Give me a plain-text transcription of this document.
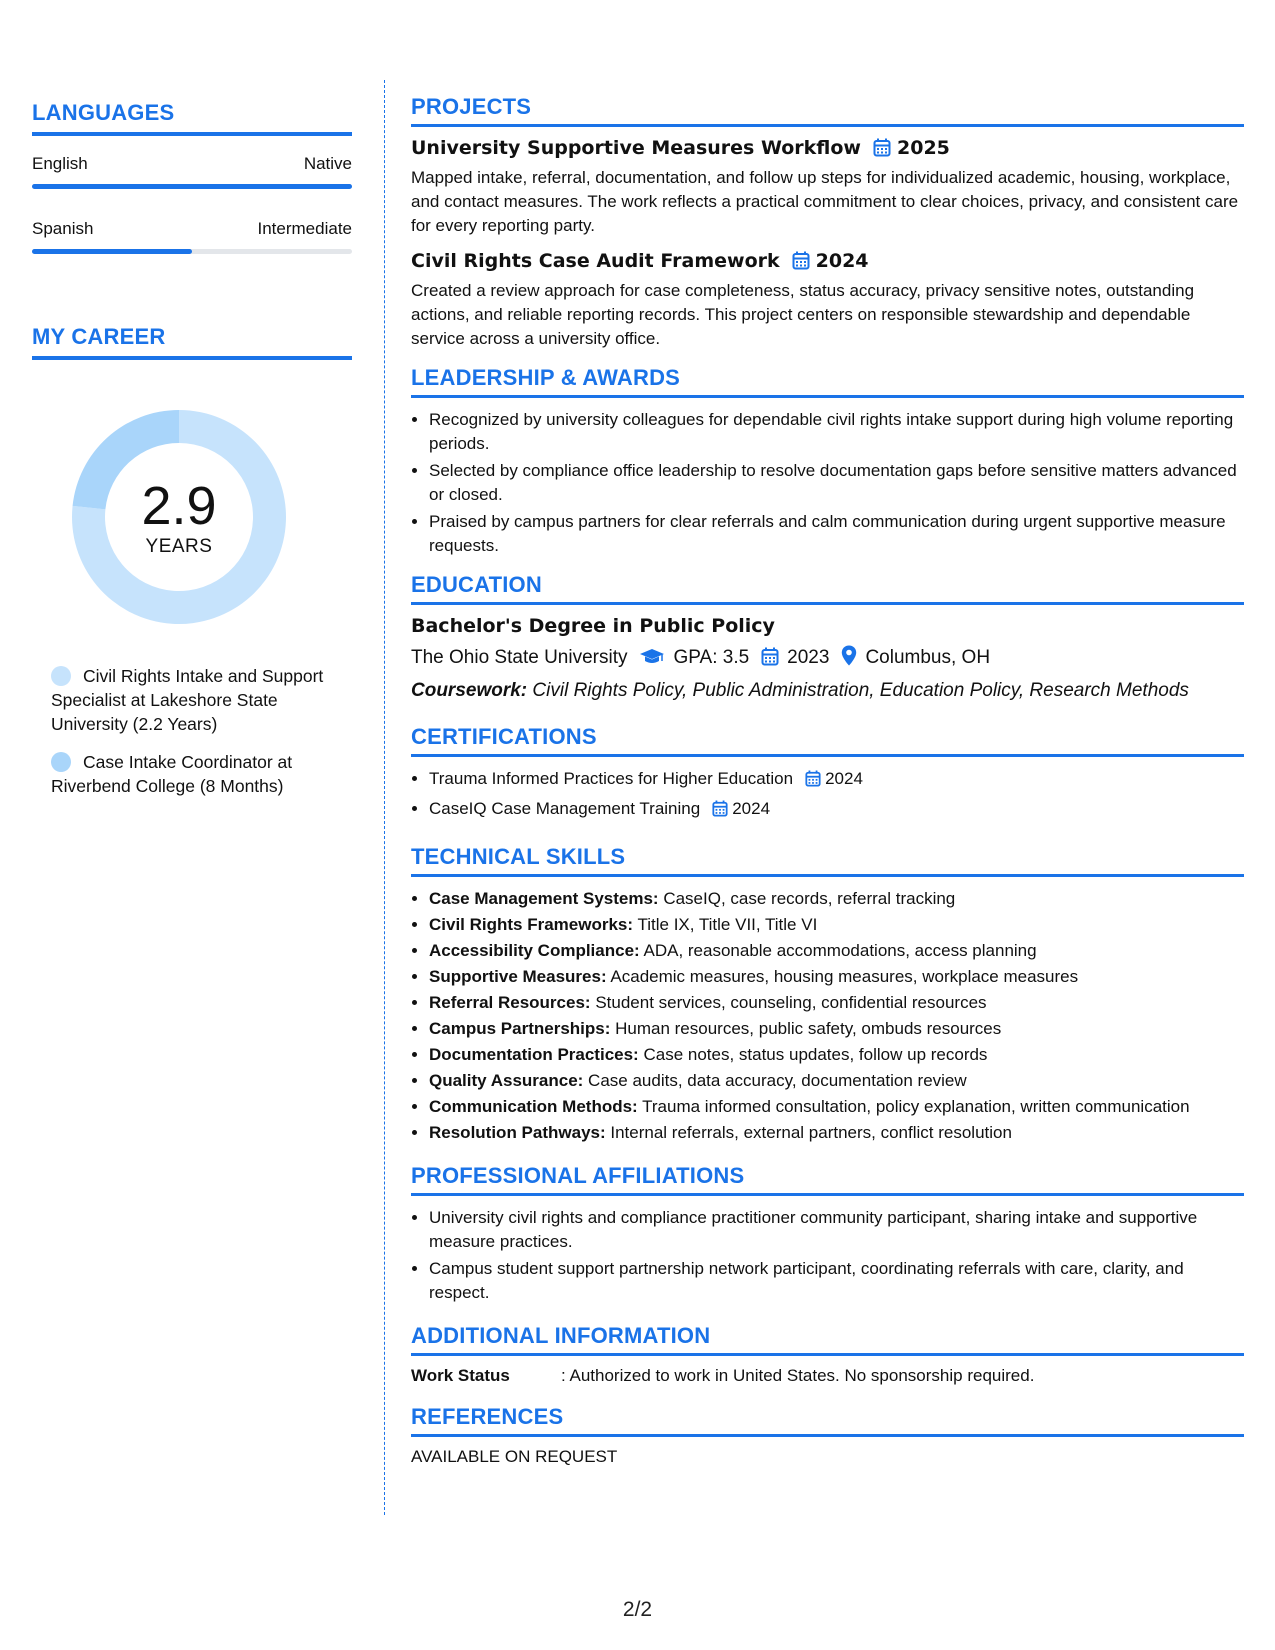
LANGUAGES
English	Native
Spanish	Intermediate
MY CAREER
2.9
YEARS
Civil Rights Intake and Support Specialist at Lakeshore State University (2.2 Years)
Case Intake Coordinator at Riverbend College (8 Months)
PROJECTS
University Supportive Measures Workflow 2025

Mapped intake, referral, documentation, and follow up steps for individualized academic, housing, workplace, and contact measures. The work reflects a practical commitment to clear choices, privacy, and consistent care for every reporting party.

Civil Rights Case Audit Framework 2024

Created a review approach for case completeness, status accuracy, privacy sensitive notes, outstanding actions, and reliable reporting records. This project centers on responsible stewardship and dependable service across a university office.

LEADERSHIP & AWARDS
• Recognized by university colleagues for dependable civil rights intake support during high volume reporting periods.
• Selected by compliance office leadership to resolve documentation gaps before sensitive matters advanced or closed.
• Praised by campus partners for clear referrals and calm communication during urgent supportive measure requests.
EDUCATION
Bachelor's Degree in Public Policy
The Ohio State University GPA: 3.5 2023 Columbus, OH
Coursework: Civil Rights Policy, Public Administration, Education Policy, Research Methods
CERTIFICATIONS
• Trauma Informed Practices for Higher Education 2024
• CaseIQ Case Management Training 2024
TECHNICAL SKILLS
• Case Management Systems: CaseIQ, case records, referral tracking
• Civil Rights Frameworks: Title IX, Title VII, Title VI
• Accessibility Compliance: ADA, reasonable accommodations, access planning
• Supportive Measures: Academic measures, housing measures, workplace measures
• Referral Resources: Student services, counseling, confidential resources
• Campus Partnerships: Human resources, public safety, ombuds resources
• Documentation Practices: Case notes, status updates, follow up records
• Quality Assurance: Case audits, data accuracy, documentation review
• Communication Methods: Trauma informed consultation, policy explanation, written communication
• Resolution Pathways: Internal referrals, external partners, conflict resolution
PROFESSIONAL AFFILIATIONS
• University civil rights and compliance practitioner community participant, sharing intake and supportive measure practices.
• Campus student support partnership network participant, coordinating referrals with care, clarity, and respect.
ADDITIONAL INFORMATION
Work Status	: Authorized to work in United States. No sponsorship required.
REFERENCES
AVAILABLE ON REQUEST
2/2
